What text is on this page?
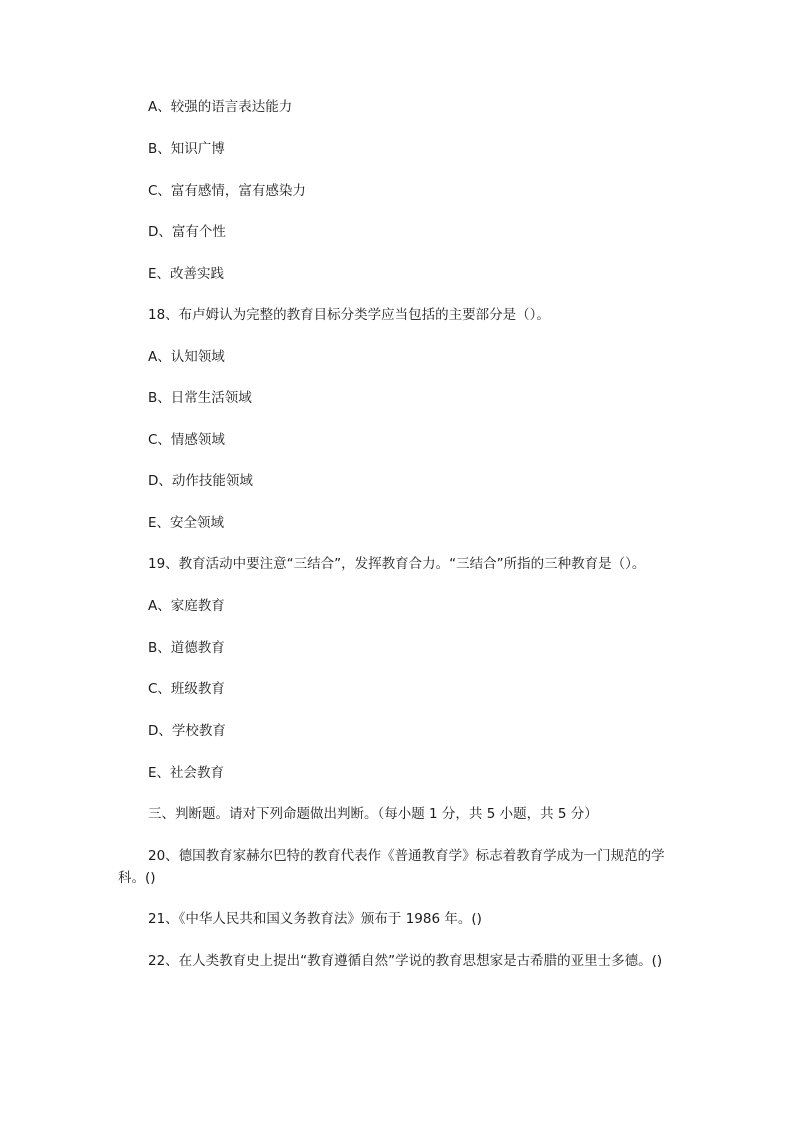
A、较强的语言表达能力
B、知识广博
C、富有感情，富有感染力
D、富有个性
E、改善实践
18、布卢姆认为完整的教育目标分类学应当包括的主要部分是（）。
A、认知领域
B、日常生活领域
C、情感领域
D、动作技能领域
E、安全领域
19、教育活动中要注意“三结合”，发挥教育合力。“三结合”所指的三种教育是（）。
A、家庭教育
B、道德教育
C、班级教育
D、学校教育
E、社会教育
三、判断题。请对下列命题做出判断。（每小题 1 分，共 5 小题，共 5 分）
20、德国教育家赫尔巴特的教育代表作《普通教育学》标志着教育学成为一门规范的学科。()
21、《中华人民共和国义务教育法》颁布于 1986 年。()
22、在人类教育史上提出“教育遵循自然”学说的教育思想家是古希腊的亚里士多德。()
